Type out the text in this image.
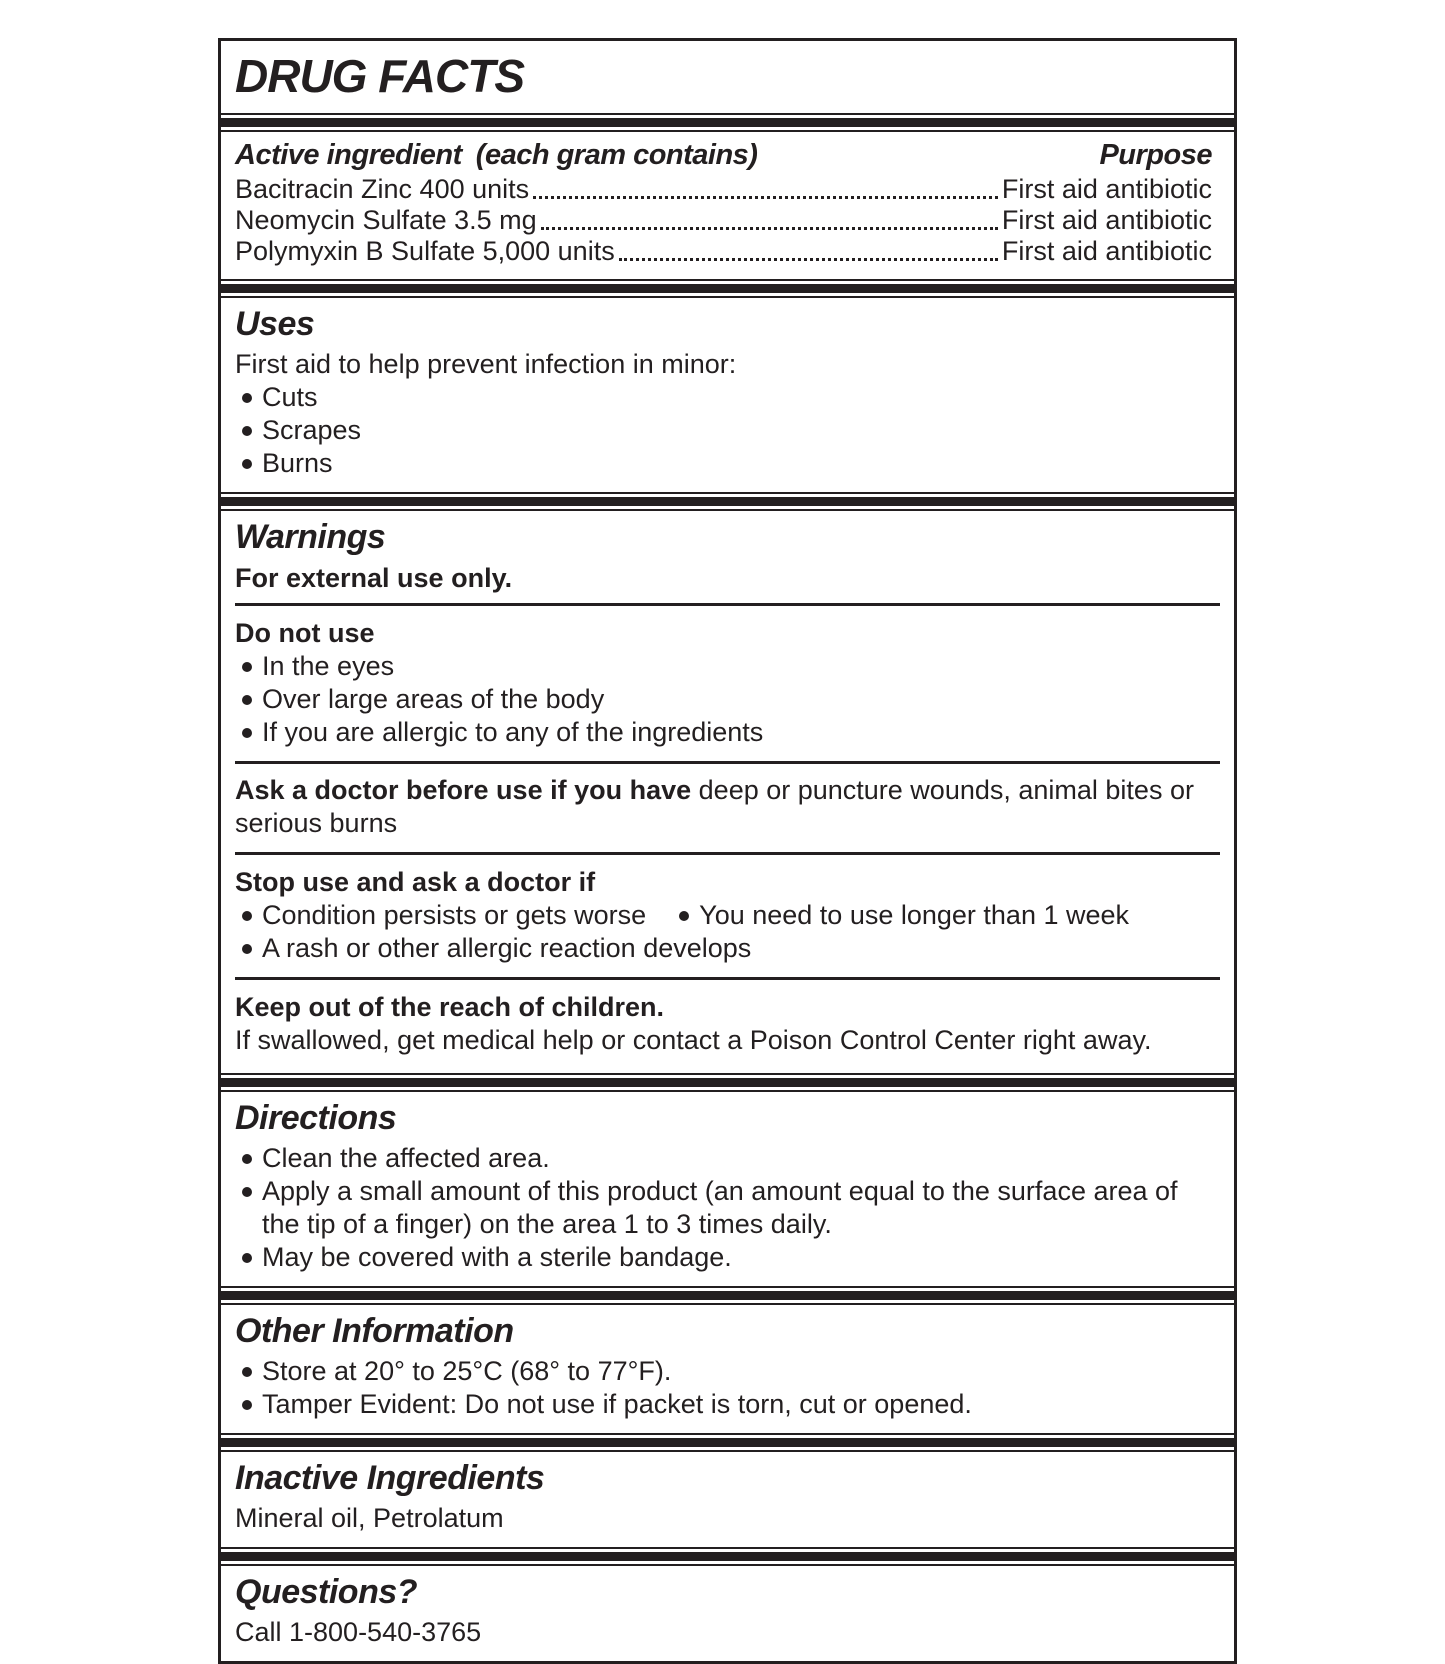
DRUG FACTS
Active ingredient (each gram contains)	Purpose
Bacitracin Zinc 400 units	First aid antibiotic
Neomycin Sulfate 3.5 mg	First aid antibiotic
Polymyxin B Sulfate 5,000 units	First aid antibiotic
Uses
First aid to help prevent infection in minor:
Cuts
Scrapes
Burns
Warnings
For external use only.
Do not use
In the eyes
Over large areas of the body
If you are allergic to any of the ingredients
Ask a doctor before use if you have deep or puncture wounds, animal bites or serious burns
Stop use and ask a doctor if
Condition persists or gets worse You need to use longer than 1 week
A rash or other allergic reaction develops
Keep out of the reach of children.
If swallowed, get medical help or contact a Poison Control Center right away.
Directions
Clean the affected area.
Apply a small amount of this product (an amount equal to the surface area of the tip of a finger) on the area 1 to 3 times daily.
May be covered with a sterile bandage.
Other Information
Store at 20° to 25°C (68° to 77°F).
Tamper Evident: Do not use if packet is torn, cut or opened.
Inactive Ingredients
Mineral oil, Petrolatum
Questions?
Call 1-800-540-3765
